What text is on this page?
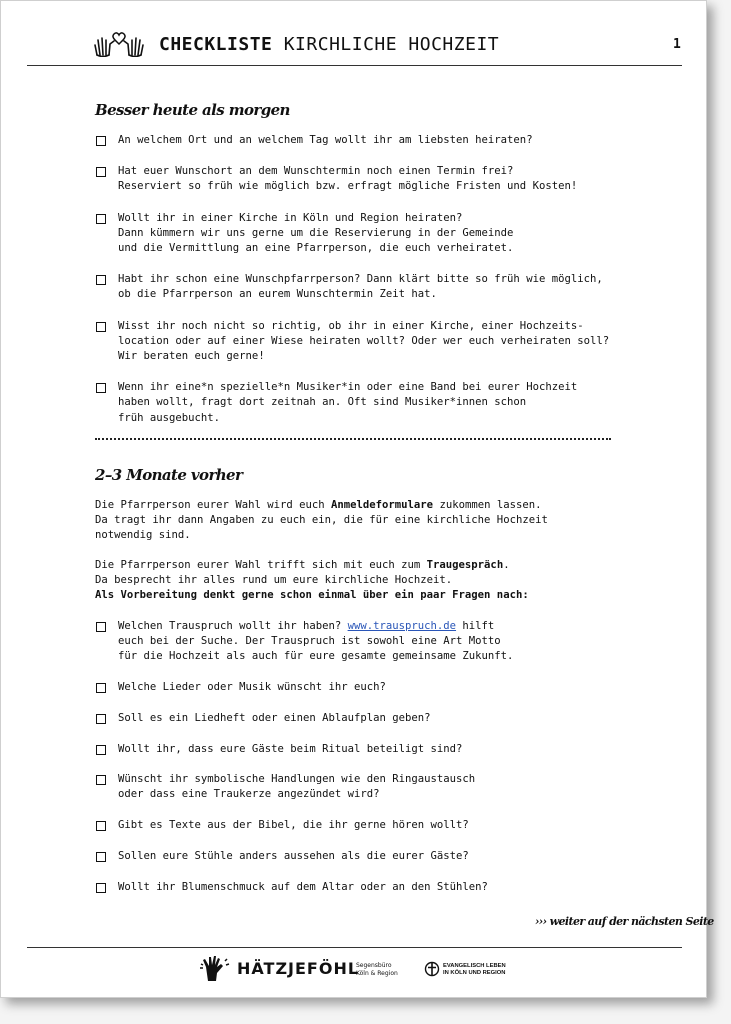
CHECKLISTE KIRCHLICHE HOCHZEIT	1
Besser heute als morgen
An welchem Ort und an welchem Tag wollt ihr am liebsten heiraten?
Hat euer Wunschort an dem Wunschtermin noch einen Termin frei?
Reserviert so früh wie möglich bzw. erfragt mögliche Fristen und Kosten!
Wollt ihr in einer Kirche in Köln und Region heiraten?
Dann kümmern wir uns gerne um die Reservierung in der Gemeinde
und die Vermittlung an eine Pfarrperson, die euch verheiratet.
Habt ihr schon eine Wunschpfarrperson? Dann klärt bitte so früh wie möglich,
ob die Pfarrperson an eurem Wunschtermin Zeit hat.
Wisst ihr noch nicht so richtig, ob ihr in einer Kirche, einer Hochzeits-
location oder auf einer Wiese heiraten wollt? Oder wer euch verheiraten soll?
Wir beraten euch gerne!
Wenn ihr eine*n spezielle*n Musiker*in oder eine Band bei eurer Hochzeit
haben wollt, fragt dort zeitnah an. Oft sind Musiker*innen schon
früh ausgebucht.
2–3 Monate vorher
Die Pfarrperson eurer Wahl wird euch Anmeldeformulare zukommen lassen.
Da tragt ihr dann Angaben zu euch ein, die für eine kirchliche Hochzeit
notwendig sind.
Die Pfarrperson eurer Wahl trifft sich mit euch zum Traugespräch.
Da besprecht ihr alles rund um eure kirchliche Hochzeit.
Als Vorbereitung denkt gerne schon einmal über ein paar Fragen nach:
Welchen Trauspruch wollt ihr haben? www.trauspruch.de hilft
euch bei der Suche. Der Trauspruch ist sowohl eine Art Motto
für die Hochzeit als auch für eure gesamte gemeinsame Zukunft.
Welche Lieder oder Musik wünscht ihr euch?
Soll es ein Liedheft oder einen Ablaufplan geben?
Wollt ihr, dass eure Gäste beim Ritual beteiligt sind?
Wünscht ihr symbolische Handlungen wie den Ringaustausch
oder dass eine Traukerze angezündet wird?
Gibt es Texte aus der Bibel, die ihr gerne hören wollt?
Sollen eure Stühle anders aussehen als die eurer Gäste?
Wollt ihr Blumenschmuck auf dem Altar oder an den Stühlen?
››› weiter auf der nächsten Seite
HÄTZJEFÖHL
Segensbüro
Köln & Region
EVANGELISCH LEBEN
IN KÖLN UND REGION
